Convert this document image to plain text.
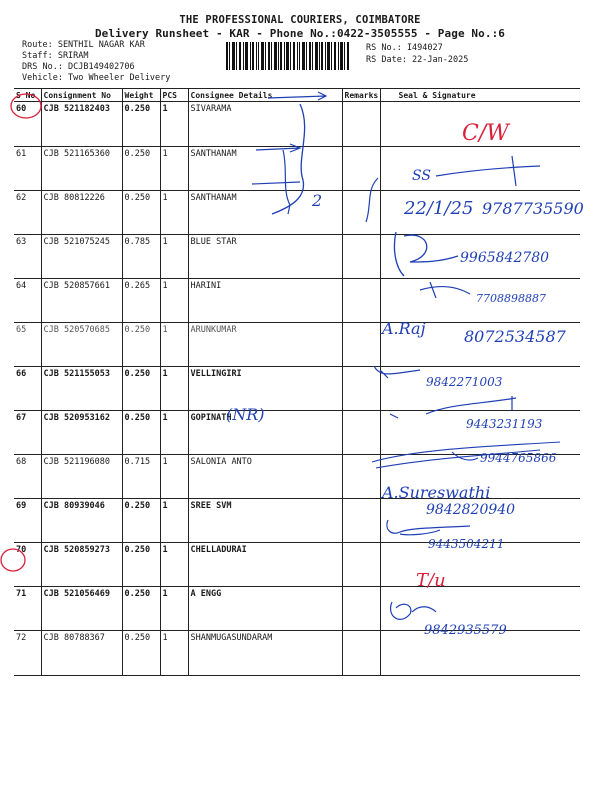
THE PROFESSIONAL COURIERS, COIMBATORE
Delivery Runsheet - KAR - Phone No.:0422-3505555 - Page No.:6
Route: SENTHIL NAGAR KAR
Staff: SRIRAM
DRS No.: DCJB149402706
Vehicle: Two Wheeler Delivery
RS No.: I494027
RS Date: 22-Jan-2025
S No	Consignment No	Weight	PCS	Consignee Details	Remarks	Seal & Signature
60	CJB 521182403	0.250	1	SIVARAMA		
61	CJB 521165360	0.250	1	SANTHANAM		
62	CJB 80812226	0.250	1	SANTHANAM		
63	CJB 521075245	0.785	1	BLUE STAR		
64	CJB 520857661	0.265	1	HARINI		
65	CJB 520570685	0.250	1	ARUNKUMAR		
66	CJB 521155053	0.250	1	VELLINGIRI		
67	CJB 520953162	0.250	1	GOPINATH		
68	CJB 521196080	0.715	1	SALONIA ANTO		
69	CJB 80939046	0.250	1	SREE SVM		
70	CJB 520859273	0.250	1	CHELLADURAI		
71	CJB 521056469	0.250	1	A ENGG		
72	CJB 80788367	0.250	1	SHANMUGASUNDARAM		
2
C/W
SS
22/1/25 9787735590
9965842780
7708898887
A.Raj 8072534587
9842271003
(NR)	9443231193
9944765866
A.Sureswathi
9842820940
9443504211
T/u
9842935579
